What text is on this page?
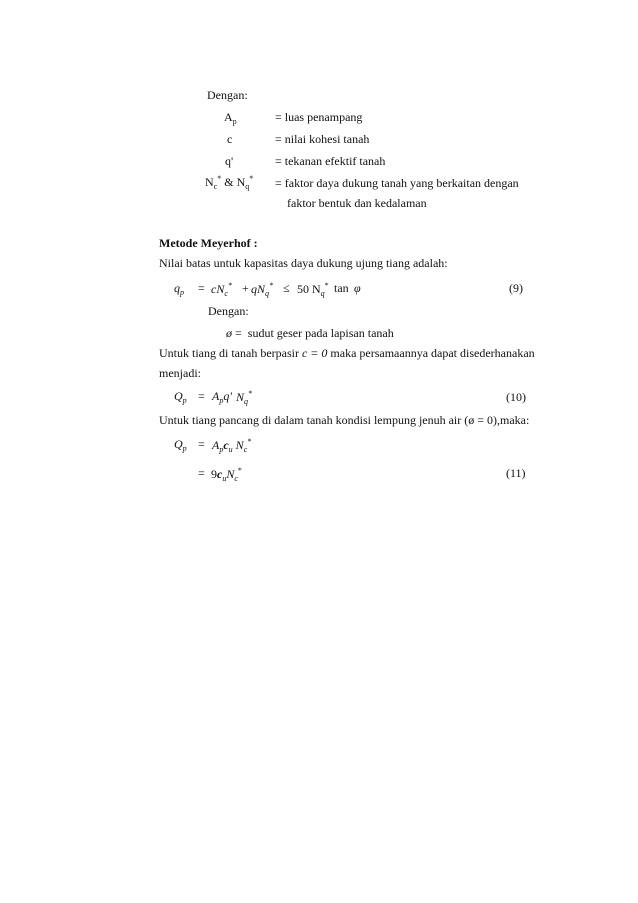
Dengan:
$A_p$	= luas penampang
c	= nilai kohesi tanah
q'	= tekanan efektif tanah
$N_c^*$ & $N_q^*$ = faktor daya dukung tanah yang berkaitan dengan
faktor bentuk dan kedalaman
Metode Meyerhof :
Nilai batas untuk kapasitas daya dukung ujung tiang adalah:
$q_p = cN_c^* + qN_q^* \le 50$ $N_q^*$ tan φ	(9)
Dengan:
ø =  sudut geser pada lapisan tanah
Untuk tiang di tanah berpasir c = 0 maka persamaannya dapat disederhanakan
menjadi:
$Q_p = A_pq'$ $N_q^*$	(10)
Untuk tiang pancang di dalam tanah kondisi lempung jenuh air (ø = 0),maka:
$Q_p = A_pc_u$ $N_c^*$
= $9c_uN_c^*$	(11)
